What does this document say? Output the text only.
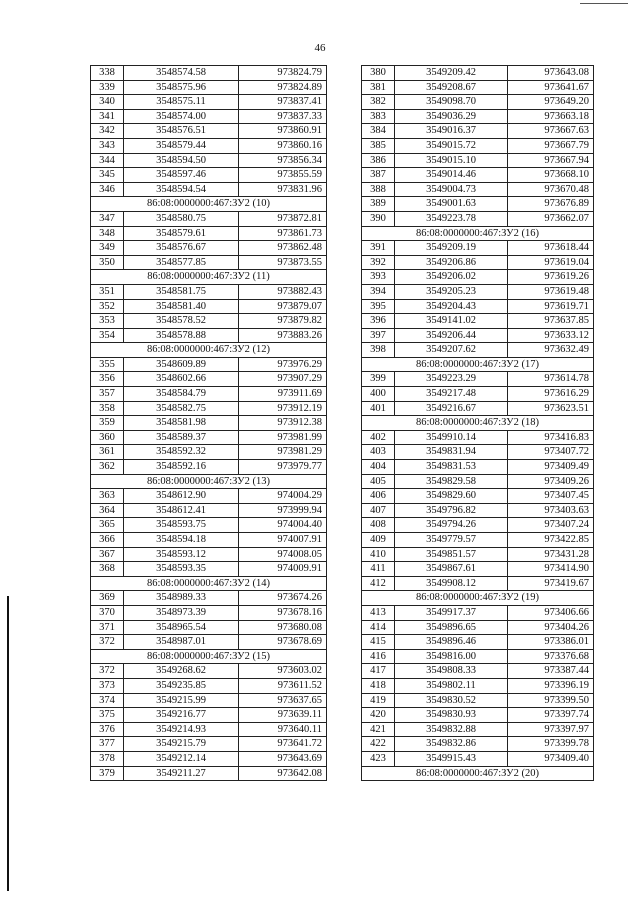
46
338	3548574.58	973824.79
339	3548575.96	973824.89
340	3548575.11	973837.41
341	3548574.00	973837.33
342	3548576.51	973860.91
343	3548579.44	973860.16
344	3548594.50	973856.34
345	3548597.46	973855.59
346	3548594.54	973831.96
86:08:0000000:467:ЗУ2 (10)		
347	3548580.75	973872.81
348	3548579.61	973861.73
349	3548576.67	973862.48
350	3548577.85	973873.55
86:08:0000000:467:ЗУ2 (11)		
351	3548581.75	973882.43
352	3548581.40	973879.07
353	3548578.52	973879.82
354	3548578.88	973883.26
86:08:0000000:467:ЗУ2 (12)		
355	3548609.89	973976.29
356	3548602.66	973907.29
357	3548584.79	973911.69
358	3548582.75	973912.19
359	3548581.98	973912.38
360	3548589.37	973981.99
361	3548592.32	973981.29
362	3548592.16	973979.77
86:08:0000000:467:ЗУ2 (13)		
363	3548612.90	974004.29
364	3548612.41	973999.94
365	3548593.75	974004.40
366	3548594.18	974007.91
367	3548593.12	974008.05
368	3548593.35	974009.91
86:08:0000000:467:ЗУ2 (14)		
369	3548989.33	973674.26
370	3548973.39	973678.16
371	3548965.54	973680.08
372	3548987.01	973678.69
86:08:0000000:467:ЗУ2 (15)		
372	3549268.62	973603.02
373	3549235.85	973611.52
374	3549215.99	973637.65
375	3549216.77	973639.11
376	3549214.93	973640.11
377	3549215.79	973641.72
378	3549212.14	973643.69
379	3549211.27	973642.08
380	3549209.42	973643.08
381	3549208.67	973641.67
382	3549098.70	973649.20
383	3549036.29	973663.18
384	3549016.37	973667.63
385	3549015.72	973667.79
386	3549015.10	973667.94
387	3549014.46	973668.10
388	3549004.73	973670.48
389	3549001.63	973676.89
390	3549223.78	973662.07
86:08:0000000:467:ЗУ2 (16)		
391	3549209.19	973618.44
392	3549206.86	973619.04
393	3549206.02	973619.26
394	3549205.23	973619.48
395	3549204.43	973619.71
396	3549141.02	973637.85
397	3549206.44	973633.12
398	3549207.62	973632.49
86:08:0000000:467:ЗУ2 (17)		
399	3549223.29	973614.78
400	3549217.48	973616.29
401	3549216.67	973623.51
86:08:0000000:467:ЗУ2 (18)		
402	3549910.14	973416.83
403	3549831.94	973407.72
404	3549831.53	973409.49
405	3549829.58	973409.26
406	3549829.60	973407.45
407	3549796.82	973403.63
408	3549794.26	973407.24
409	3549779.57	973422.85
410	3549851.57	973431.28
411	3549867.61	973414.90
412	3549908.12	973419.67
86:08:0000000:467:ЗУ2 (19)		
413	3549917.37	973406.66
414	3549896.65	973404.26
415	3549896.46	973386.01
416	3549816.00	973376.68
417	3549808.33	973387.44
418	3549802.11	973396.19
419	3549830.52	973399.50
420	3549830.93	973397.74
421	3549832.88	973397.97
422	3549832.86	973399.78
423	3549915.43	973409.40
86:08:0000000:467:ЗУ2 (20)		
